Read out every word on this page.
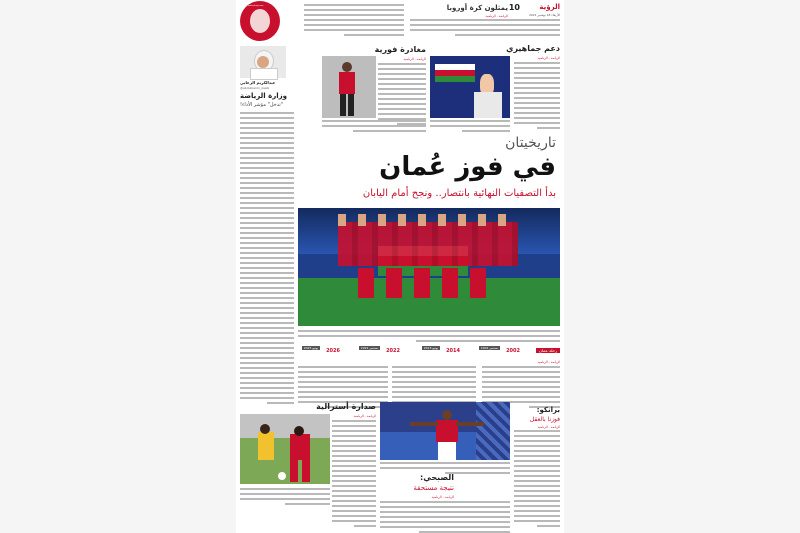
الرؤية
الأربعاء 18 نوفمبر 2021
10
يمثلون كرة أوروبا
الرياضة - الرياضية
www.alroya.om
دعم جماهيري
الرياضة - الرياضية
مغادرة فورية
الرياضة - الرياضية
عبدالكريم الزعابي
@abdulkarim_zaabi
وزارة الرياضة
"تدخل" مؤشر الأداء!
تاريخيتان
في فوز عُمان
بدأ التصفيات النهائية بانتصار.. ونجح أمام اليابان
رحلة عمان
2002
سبتمبر 2001
2014
يونيو 2013
2022
سبتمبر 2021
2026
يونيو 2025
الرياضة - الرياضية
برانكو:
فوزنا بالعقل
الرياضة - الرياضية
الصبحي:
نتيجة مستحقة
الرياضة - الرياضية
صدارة أسترالية
الرياضة - الرياضية
